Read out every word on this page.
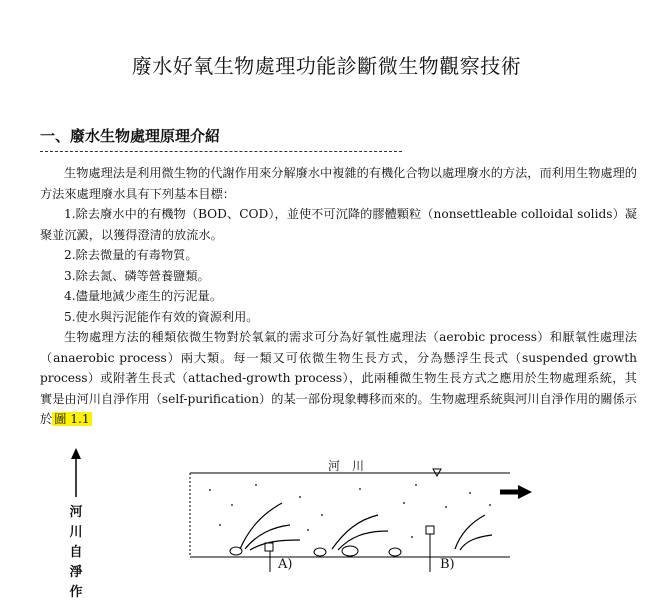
廢水好氧生物處理功能診斷微生物觀察技術
一、廢水生物處理原理介紹

生物處理法是利用微生物的代謝作用來分解廢水中複雜的有機化合物以處理廢水的方法，而利用生物處理的方法來處理廢水具有下列基本目標：

1.除去廢水中的有機物（BOD、COD），並使不可沉降的膠體顆粒（nonsettleable colloidal solids）凝聚並沉澱，以獲得澄清的放流水。

2.除去微量的有毒物質。

3.除去氮、磷等營養鹽類。

4.儘量地減少產生的污泥量。

5.使水與污泥能作有效的資源利用。

生物處理方法的種類依微生物對於氧氣的需求可分為好氧性處理法（aerobic process）和厭氧性處理法（anaerobic process）兩大類。每一類又可依微生物生長方式，分為懸浮生長式（suspended growth process）或附著生長式（attached-growth process），此兩種微生物生長方式之應用於生物處理系統，其實是由河川自淨作用（self-purification）的某一部份現象轉移而來的。生物處理系統與河川自淨作用的關係示於 圖 1.1

河川自淨作
河川
A)	B)
